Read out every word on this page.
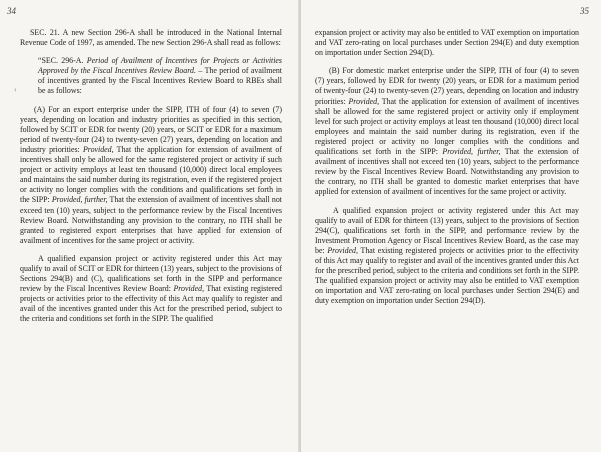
34
‹

SEC. 21. A new Section 296-A shall be introduced in the National Internal Revenue Code of 1997, as amended. The new Section 296-A shall read as follows:

“SEC. 296-A. Period of Availment of Incentives for Projects or Activities Approved by the Fiscal Incentives Review Board. – The period of availment of incentives granted by the Fiscal Incentives Review Board to RBEs shall be as follows:

(A) For an export enterprise under the SIPP, ITH of four (4) to seven (7) years, depending on location and industry priorities as specified in this section, followed by SCIT or EDR for twenty (20) years, or SCIT or EDR for a maximum period of twenty-four (24) to twenty-seven (27) years, depending on location and industry priorities: Provided, That the application for extension of availment of incentives shall only be allowed for the same registered project or activity if such project or activity employs at least ten thousand (10,000) direct local employees and maintains the said number during its registration, even if the registered project or activity no longer complies with the conditions and qualifications set forth in the SIPP: Provided, further, That the extension of availment of incentives shall not exceed ten (10) years, subject to the performance review by the Fiscal Incentives Review Board. Notwithstanding any provision to the contrary, no ITH shall be granted to registered export enterprises that have applied for extension of availment of incentives for the same project or activity.

A qualified expansion project or activity registered under this Act may qualify to avail of SCIT or EDR for thirteen (13) years, subject to the provisions of Sections 294(B) and (C), qualifications set forth in the SIPP and performance review by the Fiscal Incentives Review Board: Provided, That existing registered projects or activities prior to the effectivity of this Act may qualify to register and avail of the incentives granted under this Act for the prescribed period, subject to the criteria and conditions set forth in the SIPP. The qualified

35

expansion project or activity may also be entitled to VAT exemption on importation and VAT zero-rating on local purchases under Section 294(E) and duty exemption on importation under Section 294(D).

(B) For domestic market enterprise under the SIPP, ITH of four (4) to seven (7) years, followed by EDR for twenty (20) years, or EDR for a maximum period of twenty-four (24) to twenty-seven (27) years, depending on location and industry priorities: Provided, That the application for extension of availment of incentives shall be allowed for the same registered project or activity only if employment level for such project or activity employs at least ten thousand (10,000) direct local employees and maintain the said number during its registration, even if the registered project or activity no longer complies with the conditions and qualifications set forth in the SIPP: Provided, further, That the extension of availment of incentives shall not exceed ten (10) years, subject to the performance review by the Fiscal Incentives Review Board. Notwithstanding any provision to the contrary, no ITH shall be granted to domestic market enterprises that have applied for extension of availment of incentives for the same project or activity.

A qualified expansion project or activity registered under this Act may qualify to avail of EDR for thirteen (13) years, subject to the provisions of Section 294(C), qualifications set forth in the SIPP, and performance review by the Investment Promotion Agency or Fiscal Incentives Review Board, as the case may be: Provided, That existing registered projects or activities prior to the effectivity of this Act may qualify to register and avail of the incentives granted under this Act for the prescribed period, subject to the criteria and conditions set forth in the SIPP. The qualified expansion project or activity may also be entitled to VAT exemption on importation and VAT zero-rating on local purchases under Section 294(E) and duty exemption on importation under Section 294(D).
